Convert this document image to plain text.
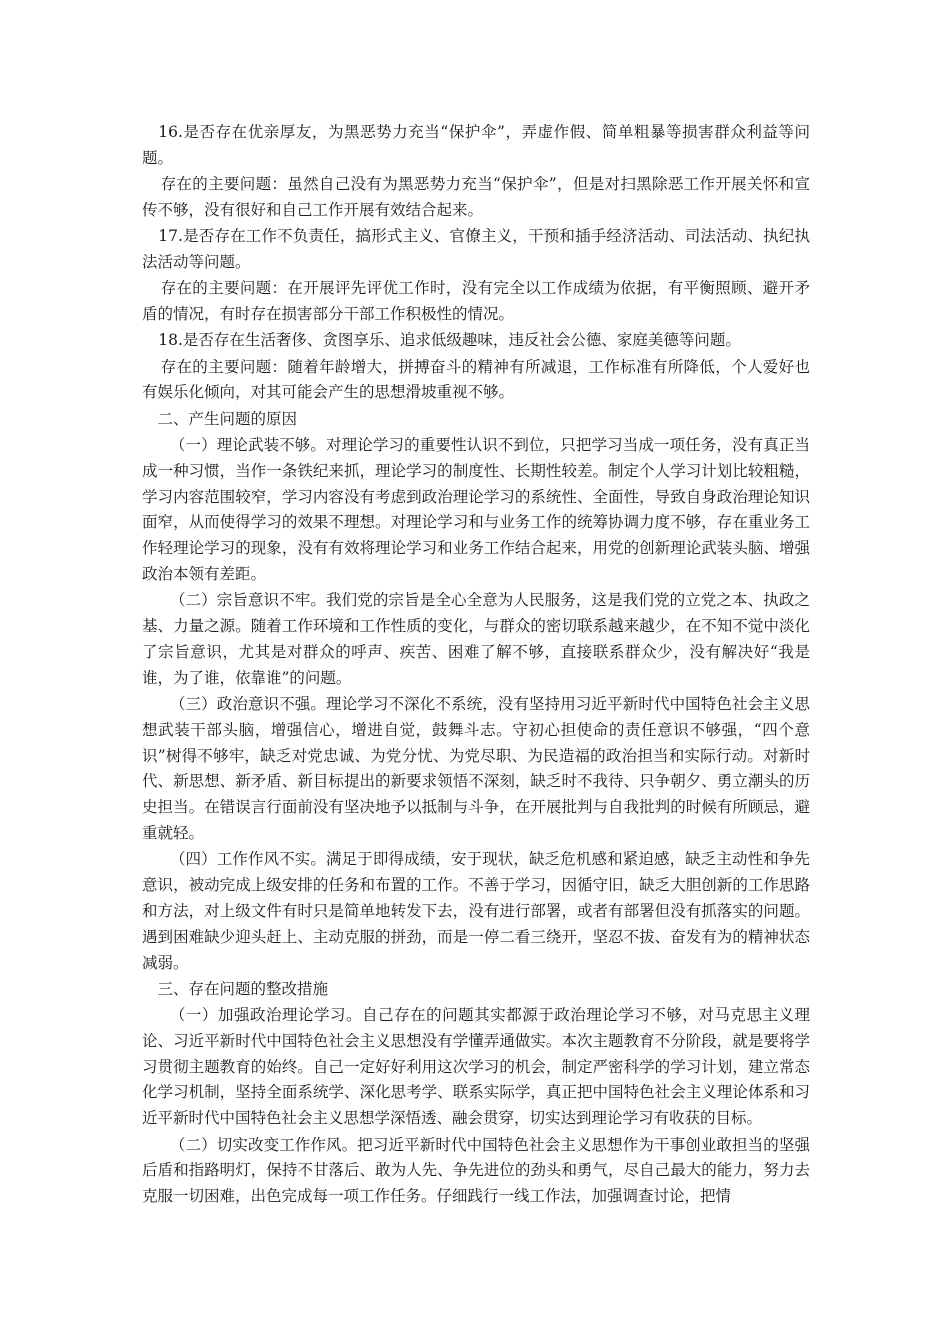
16.是否存在优亲厚友，为黑恶势力充当“保护伞”，弄虚作假、简单粗暴等损害群众利益等问题。

存在的主要问题：虽然自己没有为黑恶势力充当“保护伞”，但是对扫黑除恶工作开展关怀和宣传不够，没有很好和自己工作开展有效结合起来。

17.是否存在工作不负责任，搞形式主义、官僚主义，干预和插手经济活动、司法活动、执纪执法活动等问题。

存在的主要问题：在开展评先评优工作时，没有完全以工作成绩为依据，有平衡照顾、避开矛盾的情况，有时存在损害部分干部工作积极性的情况。

18.是否存在生活奢侈、贪图享乐、追求低级趣味，违反社会公德、家庭美德等问题。

存在的主要问题：随着年龄增大，拼搏奋斗的精神有所减退，工作标准有所降低，个人爱好也有娱乐化倾向，对其可能会产生的思想滑坡重视不够。

二、产生问题的原因

（一）理论武装不够。对理论学习的重要性认识不到位，只把学习当成一项任务，没有真正当成一种习惯，当作一条铁纪来抓，理论学习的制度性、长期性较差。制定个人学习计划比较粗糙，学习内容范围较窄，学习内容没有考虑到政治理论学习的系统性、全面性，导致自身政治理论知识面窄，从而使得学习的效果不理想。对理论学习和与业务工作的统筹协调力度不够，存在重业务工作轻理论学习的现象，没有有效将理论学习和业务工作结合起来，用党的创新理论武装头脑、增强政治本领有差距。

（二）宗旨意识不牢。我们党的宗旨是全心全意为人民服务，这是我们党的立党之本、执政之基、力量之源。随着工作环境和工作性质的变化，与群众的密切联系越来越少，在不知不觉中淡化了宗旨意识，尤其是对群众的呼声、疾苦、困难了解不够，直接联系群众少，没有解决好“我是谁，为了谁，依靠谁”的问题。

（三）政治意识不强。理论学习不深化不系统，没有坚持用习近平新时代中国特色社会主义思想武装干部头脑，增强信心，增进自觉，鼓舞斗志。守初心担使命的责任意识不够强，“四个意识”树得不够牢，缺乏对党忠诚、为党分忧、为党尽职、为民造福的政治担当和实际行动。对新时代、新思想、新矛盾、新目标提出的新要求领悟不深刻，缺乏时不我待、只争朝夕、勇立潮头的历史担当。在错误言行面前没有坚决地予以抵制与斗争，在开展批判与自我批判的时候有所顾忌，避重就轻。

（四）工作作风不实。满足于即得成绩，安于现状，缺乏危机感和紧迫感，缺乏主动性和争先意识，被动完成上级安排的任务和布置的工作。不善于学习，因循守旧，缺乏大胆创新的工作思路和方法，对上级文件有时只是简单地转发下去，没有进行部署，或者有部署但没有抓落实的问题。遇到困难缺少迎头赶上、主动克服的拼劲，而是一停二看三绕开，坚忍不拔、奋发有为的精神状态减弱。

三、存在问题的整改措施

（一）加强政治理论学习。自己存在的问题其实都源于政治理论学习不够，对马克思主义理论、习近平新时代中国特色社会主义思想没有学懂弄通做实。本次主题教育不分阶段，就是要将学习贯彻主题教育的始终。自己一定好好利用这次学习的机会，制定严密科学的学习计划，建立常态化学习机制，坚持全面系统学、深化思考学、联系实际学，真正把中国特色社会主义理论体系和习近平新时代中国特色社会主义思想学深悟透、融会贯穿，切实达到理论学习有收获的目标。

（二）切实改变工作作风。把习近平新时代中国特色社会主义思想作为干事创业敢担当的坚强后盾和指路明灯，保持不甘落后、敢为人先、争先进位的劲头和勇气，尽自己最大的能力，努力去克服一切困难，出色完成每一项工作任务。仔细践行一线工作法，加强调查讨论，把情
